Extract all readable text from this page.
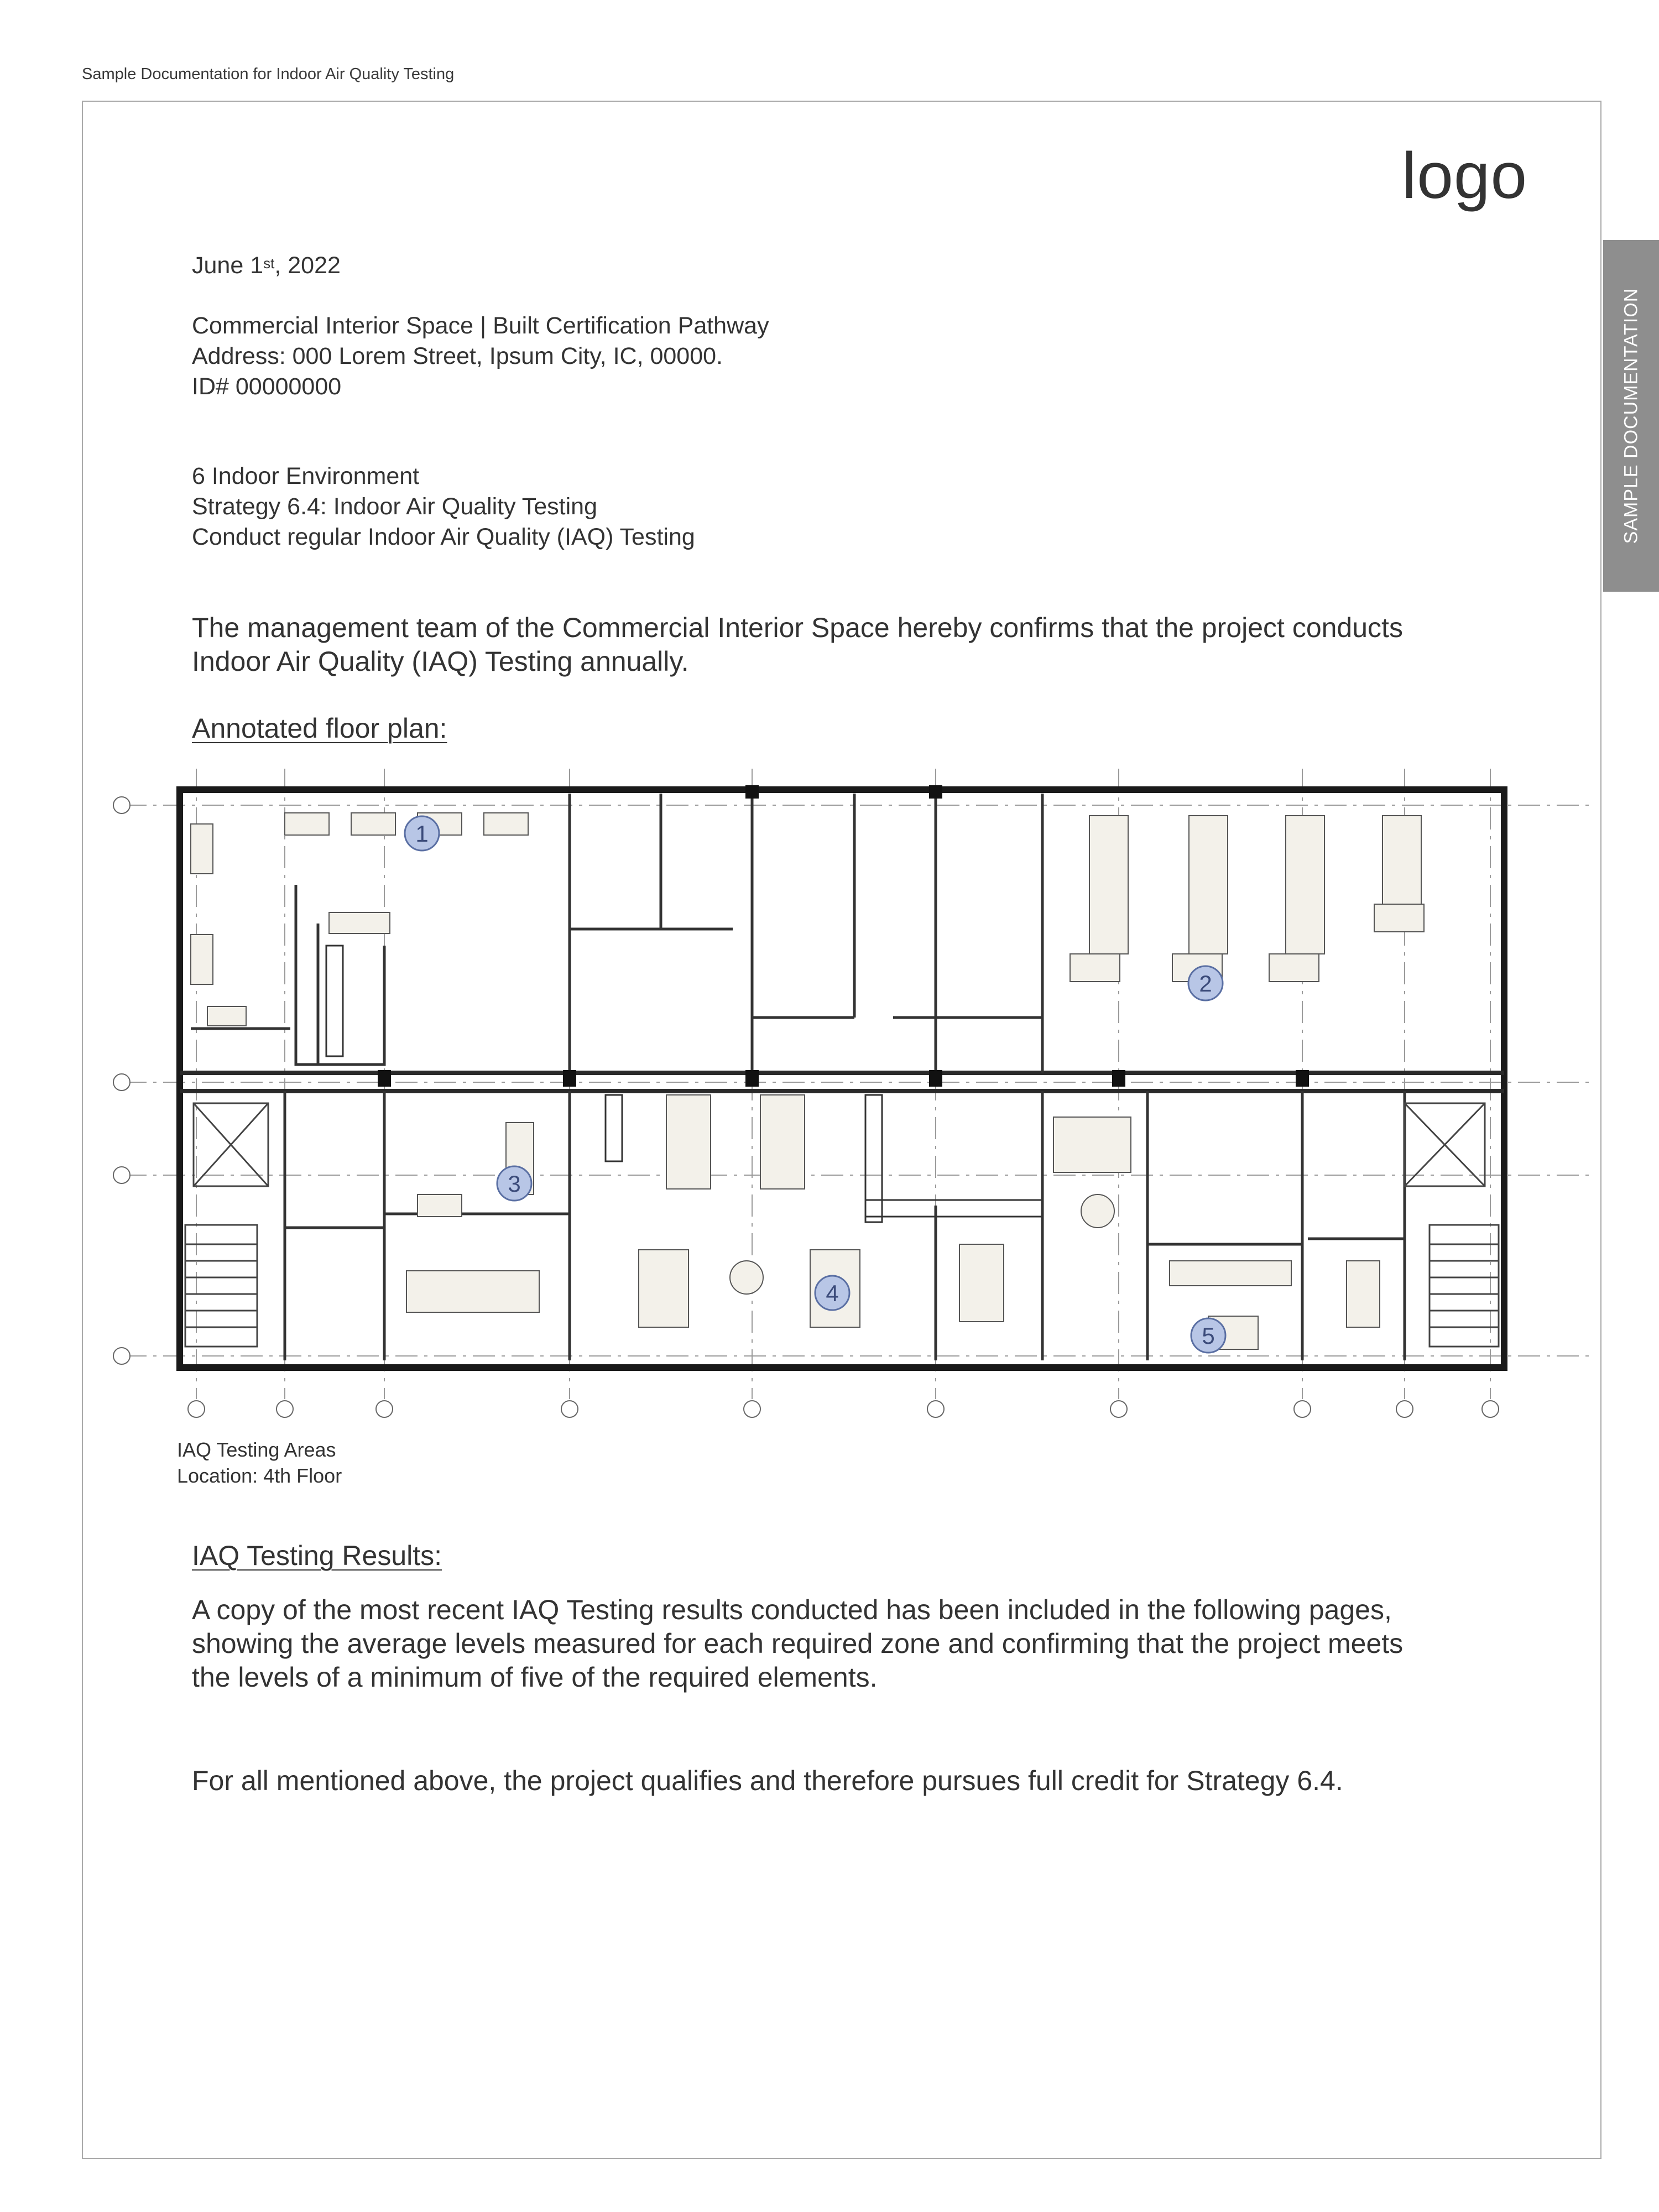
Sample Documentation for Indoor Air Quality Testing
logo
SAMPLE DOCUMENTATION
June 1st, 2022
Commercial Interior Space | Built Certification Pathway
Address: 000 Lorem Street, Ipsum City, IC, 00000.
ID# 00000000
6 Indoor Environment
Strategy 6.4: Indoor Air Quality Testing
Conduct regular Indoor Air Quality (IAQ) Testing
The management team of the Commercial Interior Space hereby confirms that the project conducts
Indoor Air Quality (IAQ) Testing annually.
Annotated floor plan:
1
2
3
4
5
IAQ Testing Areas
Location: 4th Floor
IAQ Testing Results:
A copy of the most recent IAQ Testing results conducted has been included in the following pages,
showing the average levels measured for each required zone and confirming that the project meets
the levels of a minimum of five of the required elements.
For all mentioned above, the project qualifies and therefore pursues full credit for Strategy 6.4.
